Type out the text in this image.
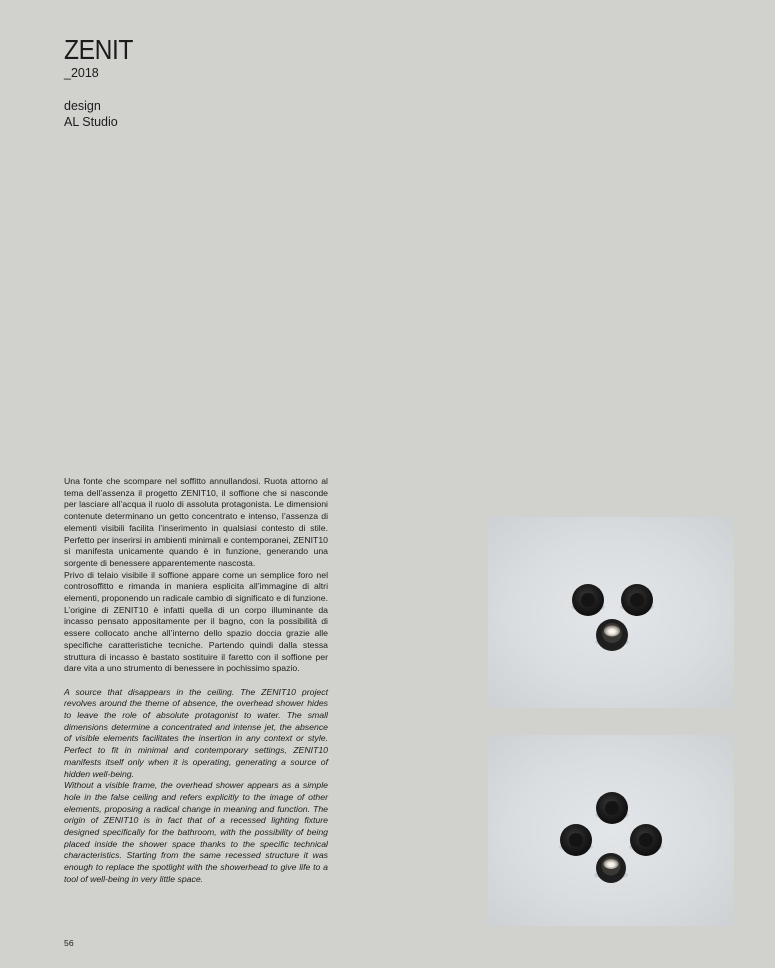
ZENIT
_2018
design
AL Studio

Una fonte che scompare nel soffitto annullandosi. Ruota attorno al tema dell’assenza il progetto ZENIT10, il soffione che si nasconde per lasciare all’acqua il ruolo di assoluta protagonista. Le dimensioni contenute determinano un getto concentrato e intenso, l’assenza di elementi visibili facilita l’inserimento in qualsiasi contesto di stile. Perfetto per inserirsi in ambienti minimali e contemporanei, ZENIT10 si manifesta unicamente quando è in funzione, generando una sorgente di benessere apparentemente nascosta.

Privo di telaio visibile il soffione appare come un semplice foro nel controsoffitto e rimanda in maniera esplicita all’immagine di altri elementi, proponendo un radicale cambio di significato e di funzione. L’origine di ZENIT10 è infatti quella di un corpo illuminante da incasso pensato appositamente per il bagno, con la possibilità di essere collocato anche all’interno dello spazio doccia grazie alle specifiche caratteristiche tecniche. Partendo quindi dalla stessa struttura di incasso è bastato sostituire il faretto con il soffione per dare vita a uno strumento di benessere in pochissimo spazio.

A source that disappears in the ceiling. The ZENIT10 project revolves around the theme of absence, the overhead shower hides to leave the role of absolute protagonist to water. The small dimensions determine a concentrated and intense jet, the absence of visible elements facilitates the insertion in any context or style. Perfect to fit in minimal and contemporary settings, ZENIT10 manifests itself only when it is operating, generating a source of hidden well-being.

Without a visible frame, the overhead shower appears as a simple hole in the false ceiling and refers explicitly to the image of other elements, proposing a radical change in meaning and function. The origin of ZENIT10 is in fact that of a recessed lighting fixture designed specifically for the bathroom, with the possibility of being placed inside the shower space thanks to the specific technical characteristics. Starting from the same recessed structure it was enough to replace the spotlight with the showerhead to give life to a tool of well-being in very little space.

56
